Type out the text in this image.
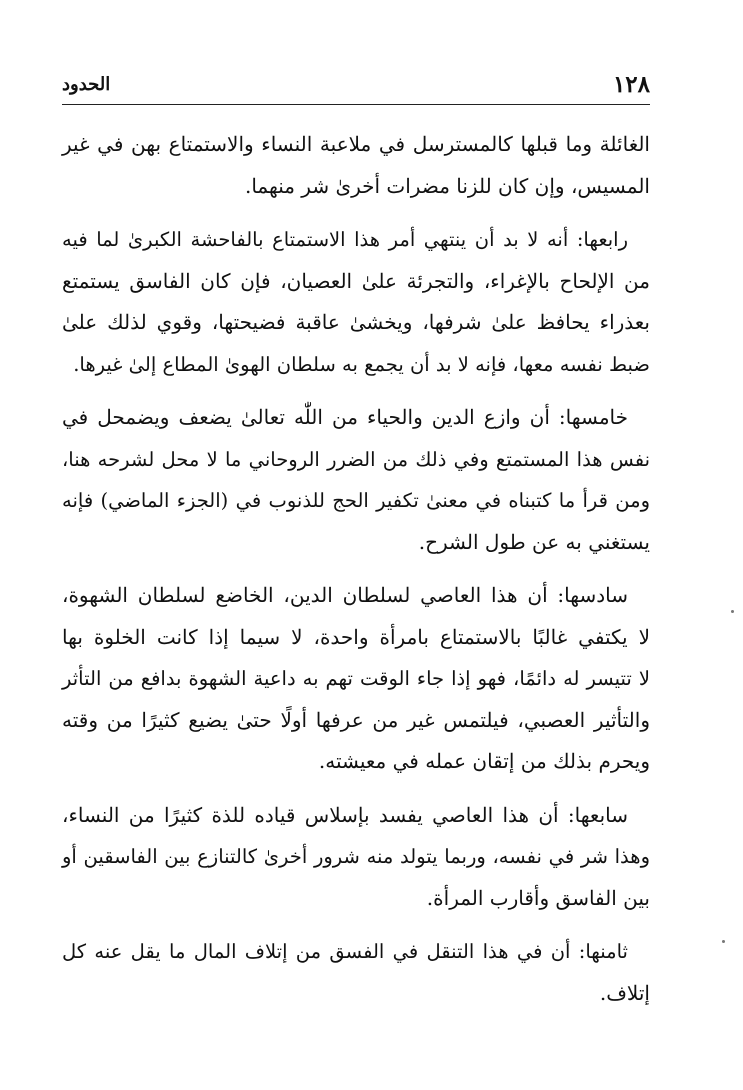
١٢٨
الحدود

الغائلة وما قبلها كالمسترسل في ملاعبة النساء والاستمتاع بهن في غير
المسيس، وإن كان للزنا مضرات أخرىٰ شر منهما.

رابعها: أنه لا بد أن ينتهي أمر هذا الاستمتاع بالفاحشة الكبرىٰ لما فيه
من الإلحاح بالإغراء، والتجرئة علىٰ العصيان، فإن كان الفاسق يستمتع
بعذراء يحافظ علىٰ شرفها، ويخشىٰ عاقبة فضيحتها، وقوي لذلك علىٰ
ضبط نفسه معها، فإنه لا بد أن يجمع به سلطان الهوىٰ المطاع إلىٰ غيرها.

خامسها: أن وازع الدين والحياء من اللّٰه تعالىٰ يضعف ويضمحل في
نفس هذا المستمتع وفي ذلك من الضرر الروحاني ما لا محل لشرحه هنا،
ومن قرأ ما كتبناه في معنىٰ تكفير الحج للذنوب في (الجزء الماضي) فإنه
يستغني به عن طول الشرح.

سادسها: أن هذا العاصي لسلطان الدين، الخاضع لسلطان الشهوة،
لا يكتفي غالبًا بالاستمتاع بامرأة واحدة، لا سيما إذا كانت الخلوة بها
لا تتيسر له دائمًا، فهو إذا جاء الوقت تهم به داعية الشهوة بدافع من التأثر
والتأثير العصبي، فيلتمس غير من عرفها أولًا حتىٰ يضيع كثيرًا من وقته
ويحرم بذلك من إتقان عمله في معيشته.

سابعها: أن هذا العاصي يفسد بإسلاس قياده للذة كثيرًا من النساء،
وهذا شر في نفسه، وربما يتولد منه شرور أخرىٰ كالتنازع بين الفاسقين أو
بين الفاسق وأقارب المرأة.

ثامنها: أن في هذا التنقل في الفسق من إتلاف المال ما يقل عنه كل
إتلاف.
